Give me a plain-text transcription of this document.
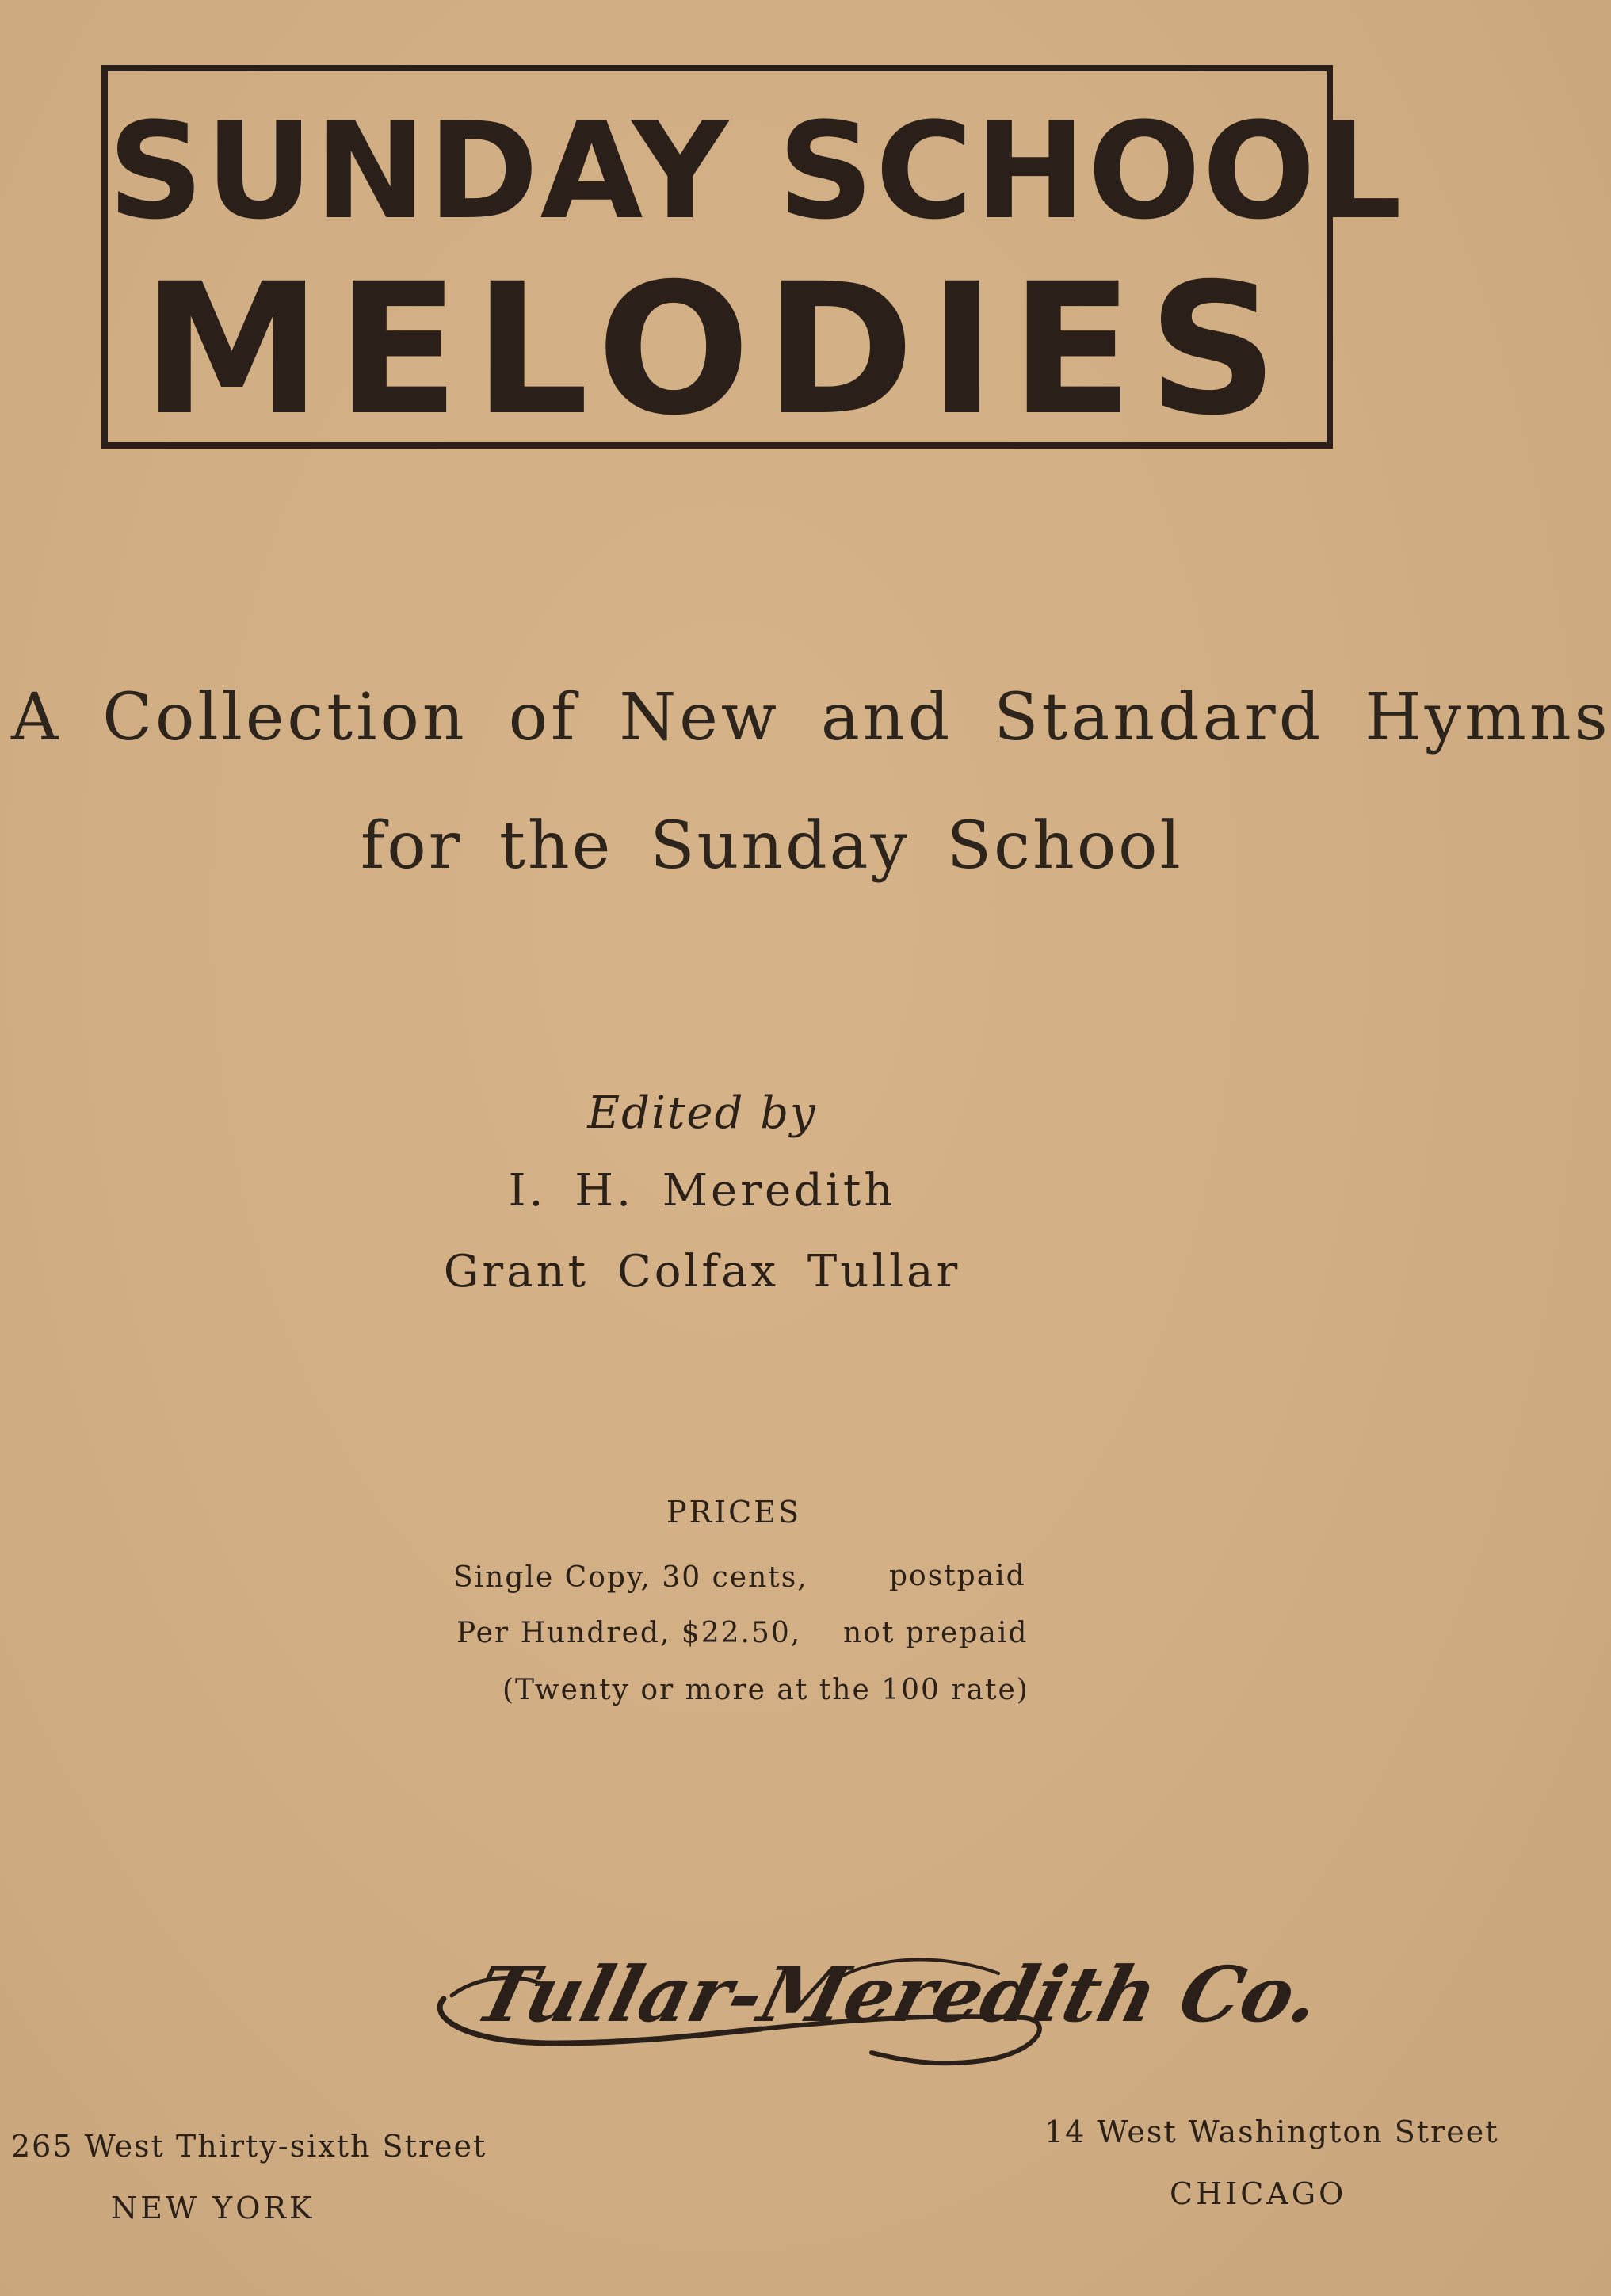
SUNDAY SCHOOL
MELODIES
A Collection of New and Standard Hymns
for the Sunday School
Edited by
I. H. Meredith
Grant Colfax Tullar
PRICES
Single Copy, 30 cents,	postpaid
Per Hundred, $22.50, not prepaid
(Twenty or more at the 100 rate)
Tullar-Meredith Co.
265 West Thirty-sixth Street
NEW YORK
14 West Washington Street
CHICAGO
